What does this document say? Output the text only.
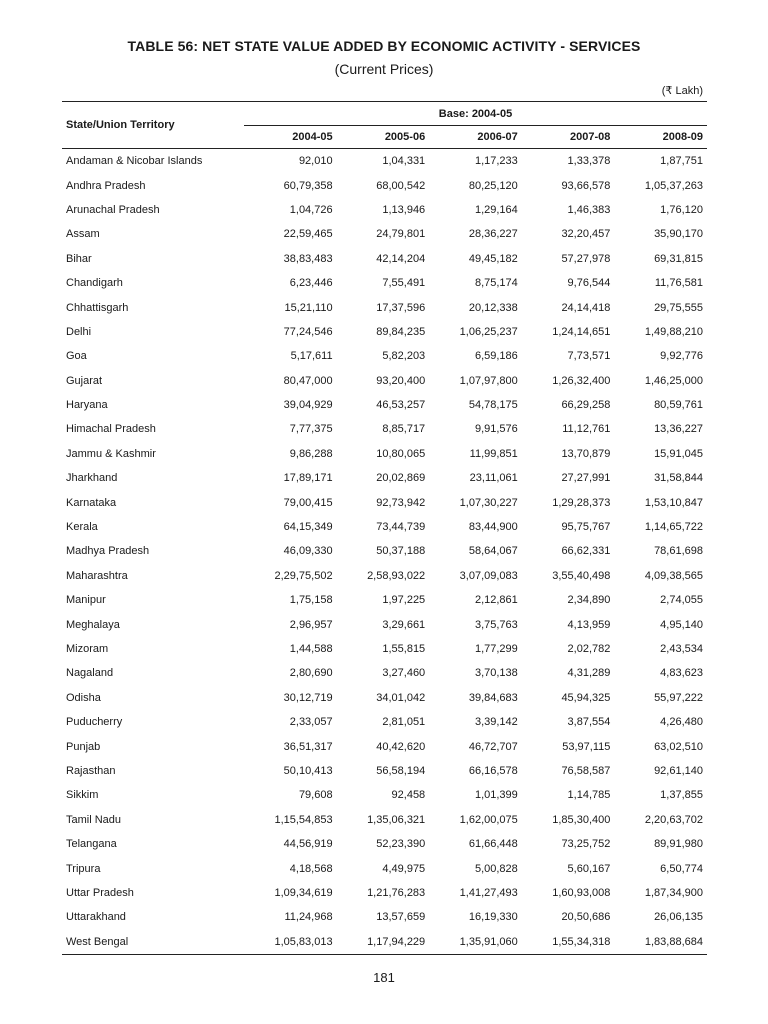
TABLE 56: NET STATE VALUE ADDED BY ECONOMIC ACTIVITY - SERVICES
(Current Prices)
(₹ Lakh)
State/Union Territory	Base: 2004-05				
	2004-05	2005-06	2006-07	2007-08	2008-09
Andaman & Nicobar Islands	92,010	1,04,331	1,17,233	1,33,378	1,87,751
Andhra Pradesh	60,79,358	68,00,542	80,25,120	93,66,578	1,05,37,263
Arunachal Pradesh	1,04,726	1,13,946	1,29,164	1,46,383	1,76,120
Assam	22,59,465	24,79,801	28,36,227	32,20,457	35,90,170
Bihar	38,83,483	42,14,204	49,45,182	57,27,978	69,31,815
Chandigarh	6,23,446	7,55,491	8,75,174	9,76,544	11,76,581
Chhattisgarh	15,21,110	17,37,596	20,12,338	24,14,418	29,75,555
Delhi	77,24,546	89,84,235	1,06,25,237	1,24,14,651	1,49,88,210
Goa	5,17,611	5,82,203	6,59,186	7,73,571	9,92,776
Gujarat	80,47,000	93,20,400	1,07,97,800	1,26,32,400	1,46,25,000
Haryana	39,04,929	46,53,257	54,78,175	66,29,258	80,59,761
Himachal Pradesh	7,77,375	8,85,717	9,91,576	11,12,761	13,36,227
Jammu & Kashmir	9,86,288	10,80,065	11,99,851	13,70,879	15,91,045
Jharkhand	17,89,171	20,02,869	23,11,061	27,27,991	31,58,844
Karnataka	79,00,415	92,73,942	1,07,30,227	1,29,28,373	1,53,10,847
Kerala	64,15,349	73,44,739	83,44,900	95,75,767	1,14,65,722
Madhya Pradesh	46,09,330	50,37,188	58,64,067	66,62,331	78,61,698
Maharashtra	2,29,75,502	2,58,93,022	3,07,09,083	3,55,40,498	4,09,38,565
Manipur	1,75,158	1,97,225	2,12,861	2,34,890	2,74,055
Meghalaya	2,96,957	3,29,661	3,75,763	4,13,959	4,95,140
Mizoram	1,44,588	1,55,815	1,77,299	2,02,782	2,43,534
Nagaland	2,80,690	3,27,460	3,70,138	4,31,289	4,83,623
Odisha	30,12,719	34,01,042	39,84,683	45,94,325	55,97,222
Puducherry	2,33,057	2,81,051	3,39,142	3,87,554	4,26,480
Punjab	36,51,317	40,42,620	46,72,707	53,97,115	63,02,510
Rajasthan	50,10,413	56,58,194	66,16,578	76,58,587	92,61,140
Sikkim	79,608	92,458	1,01,399	1,14,785	1,37,855
Tamil Nadu	1,15,54,853	1,35,06,321	1,62,00,075	1,85,30,400	2,20,63,702
Telangana	44,56,919	52,23,390	61,66,448	73,25,752	89,91,980
Tripura	4,18,568	4,49,975	5,00,828	5,60,167	6,50,774
Uttar Pradesh	1,09,34,619	1,21,76,283	1,41,27,493	1,60,93,008	1,87,34,900
Uttarakhand	11,24,968	13,57,659	16,19,330	20,50,686	26,06,135
West Bengal	1,05,83,013	1,17,94,229	1,35,91,060	1,55,34,318	1,83,88,684
181
